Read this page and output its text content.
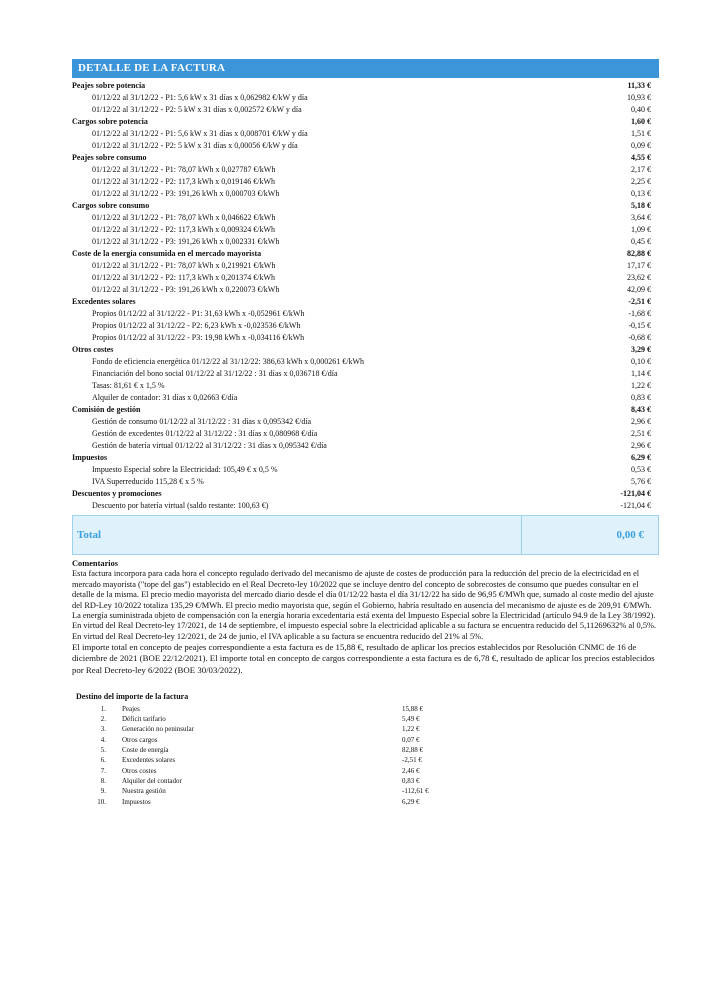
DETALLE DE LA FACTURA
Peajes sobre potencia	11,33 €
01/12/22 al 31/12/22 - P1: 5,6 kW x 31 días x 0,062982 €/kW y día	10,93 €
01/12/22 al 31/12/22 - P2: 5 kW x 31 días x 0,002572 €/kW y día	0,40 €
Cargos sobre potencia	1,60 €
01/12/22 al 31/12/22 - P1: 5,6 kW x 31 días x 0,008701 €/kW y día	1,51 €
01/12/22 al 31/12/22 - P2: 5 kW x 31 días x 0,00056 €/kW y día	0,09 €
Peajes sobre consumo	4,55 €
01/12/22 al 31/12/22 - P1: 78,07 kWh x 0,027787 €/kWh	2,17 €
01/12/22 al 31/12/22 - P2: 117,3 kWh x 0,019146 €/kWh	2,25 €
01/12/22 al 31/12/22 - P3: 191,26 kWh x 0,000703 €/kWh	0,13 €
Cargos sobre consumo	5,18 €
01/12/22 al 31/12/22 - P1: 78,07 kWh x 0,046622 €/kWh	3,64 €
01/12/22 al 31/12/22 - P2: 117,3 kWh x 0,009324 €/kWh	1,09 €
01/12/22 al 31/12/22 - P3: 191,26 kWh x 0,002331 €/kWh	0,45 €
Coste de la energía consumida en el mercado mayorista	82,88 €
01/12/22 al 31/12/22 - P1: 78,07 kWh x 0,219921 €/kWh	17,17 €
01/12/22 al 31/12/22 - P2: 117,3 kWh x 0,201374 €/kWh	23,62 €
01/12/22 al 31/12/22 - P3: 191,26 kWh x 0,220073 €/kWh	42,09 €
Excedentes solares	-2,51 €
Propios 01/12/22 al 31/12/22 - P1: 31,63 kWh x -0,052961 €/kWh	-1,68 €
Propios 01/12/22 al 31/12/22 - P2: 6,23 kWh x -0,023536 €/kWh	-0,15 €
Propios 01/12/22 al 31/12/22 - P3: 19,98 kWh x -0,034116 €/kWh	-0,68 €
Otros costes	3,29 €
Fondo de eficiencia energética 01/12/22 al 31/12/22: 386,63 kWh x 0,000261 €/kWh	0,10 €
Financiación del bono social 01/12/22 al 31/12/22 : 31 días x 0,036718 €/día	1,14 €
Tasas: 81,61 € x 1,5 %	1,22 €
Alquiler de contador: 31 días x 0,02663 €/día	0,83 €
Comisión de gestión	8,43 €
Gestión de consumo 01/12/22 al 31/12/22 : 31 días x 0,095342 €/día	2,96 €
Gestión de excedentes 01/12/22 al 31/12/22 : 31 días x 0,080968 €/día	2,51 €
Gestión de batería virtual 01/12/22 al 31/12/22 : 31 días x 0,095342 €/día	2,96 €
Impuestos	6,29 €
Impuesto Especial sobre la Electricidad: 105,49 € x 0,5 %	0,53 €
IVA Superreducido 115,28 € x 5 %	5,76 €
Descuentos y promociones	-121,04 €
Descuento por batería virtual (saldo restante: 100,63 €)	-121,04 €
Total	0,00 €
Comentarios

Esta factura incorpora para cada hora el concepto regulado derivado del mecanismo de ajuste de costes de producción para la reducción del precio de la electricidad en el mercado mayorista ("tope del gas") establecido en el Real Decreto-ley 10/2022 que se incluye dentro del concepto de sobrecostes de consumo que puedes consultar en el detalle de la misma. El precio medio mayorista del mercado diario desde el día 01/12/22 hasta el día 31/12/22 ha sido de 96,95 €/MWh que, sumado al coste medio del ajuste del RD-Ley 10/2022 totaliza 135,29 €/MWh. El precio medio mayorista que, según el Gobierno, habría resultado en ausencia del mecanismo de ajuste es de 209,91 €/MWh. La energía suministrada objeto de compensación con la energía horaria excedentaria está exenta del Impuesto Especial sobre la Electricidad (artículo 94.9 de la Ley 38/1992). En virtud del Real Decreto-ley 17/2021, de 14 de septiembre, el impuesto especial sobre la electricidad aplicable a su factura se encuentra reducido del 5,11269632% al 0,5%. En virtud del Real Decreto-ley 12/2021, de 24 de junio, el IVA aplicable a su factura se encuentra reducido del 21% al 5%.

El importe total en concepto de peajes correspondiente a esta factura es de 15,88 €, resultado de aplicar los precios establecidos por Resolución CNMC de 16 de diciembre de 2021 (BOE 22/12/2021). El importe total en concepto de cargos correspondiente a esta factura es de 6,78 €, resultado de aplicar los precios establecidos por Real Decreto-ley 6/2022 (BOE 30/03/2022).

Destino del importe de la factura
1.	Peajes	15,88 €
2.	Déficit tarifario	5,49 €
3.	Generación no peninsular	1,22 €
4.	Otros cargos	0,07 €
5.	Coste de energía	82,88 €
6.	Excedentes solares	-2,51 €
7.	Otros costes	2,46 €
8.	Alquiler del contador	0,83 €
9.	Nuestra gestión	-112,61 €
10.	Impuestos	6,29 €
